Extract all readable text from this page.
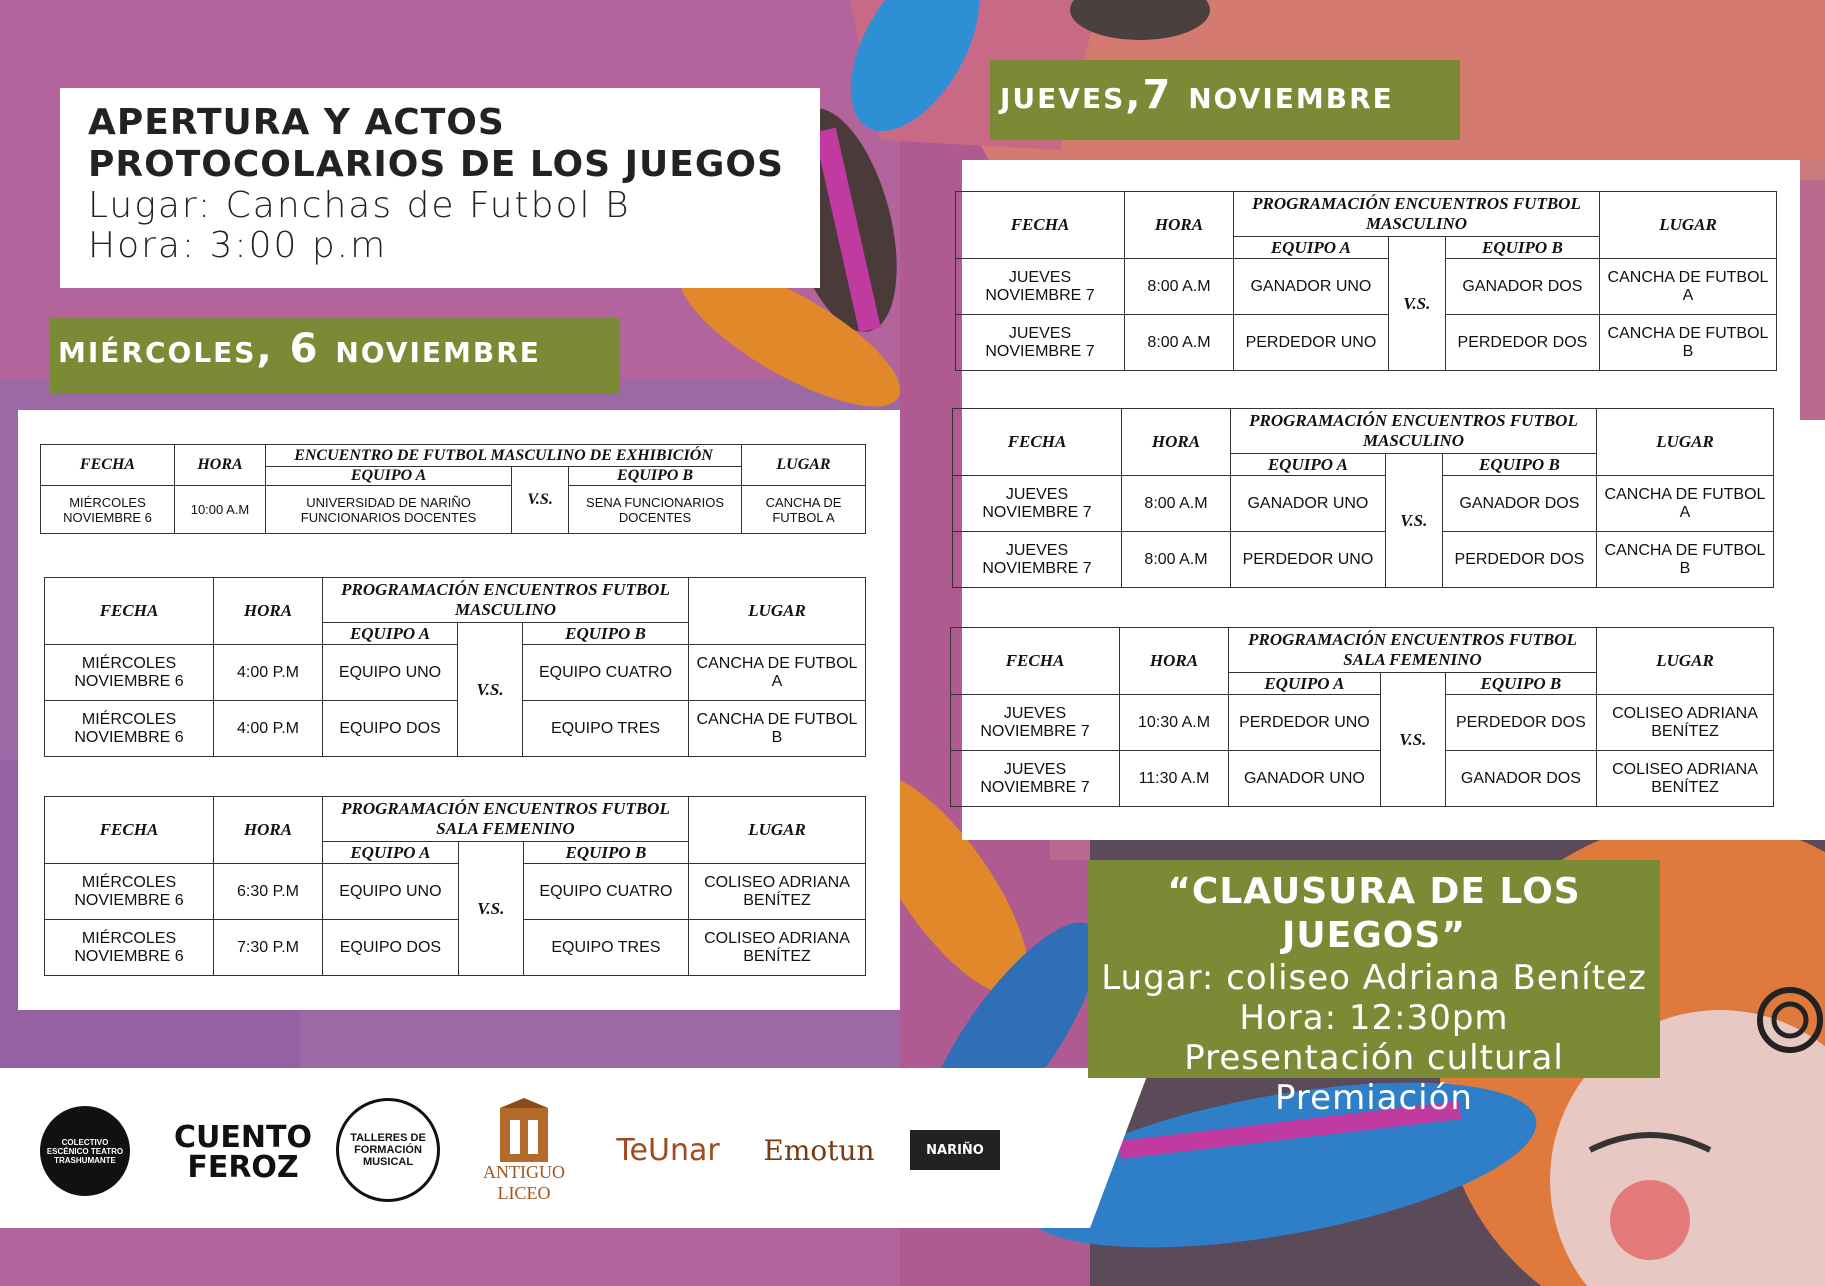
APERTURA Y ACTOS PROTOCOLARIOS DE LOS JUEGOS
Lugar: Canchas de Futbol B
Hora: 3:00 p.m
miércoles, 6 noviembre
jueves,7 noviembre
FECHA	HORA	ENCUENTRO DE FUTBOL MASCULINO DE EXHIBICIÓN			LUGAR
		EQUIPO A	V.S.	EQUIPO B	
MIÉRCOLES NOVIEMBRE 6	10:00 A.M	UNIVERSIDAD DE NARIÑO FUNCIONARIOS DOCENTES		SENA FUNCIONARIOS DOCENTES	CANCHA DE FUTBOL A
FECHA	HORA	PROGRAMACIÓN ENCUENTROS FUTBOL MASCULINO			LUGAR
		EQUIPO A	V.S.	EQUIPO B	
MIÉRCOLES NOVIEMBRE 6	4:00 P.M	EQUIPO UNO		EQUIPO CUATRO	CANCHA DE FUTBOL A
MIÉRCOLES NOVIEMBRE 6	4:00 P.M	EQUIPO DOS		EQUIPO TRES	CANCHA DE FUTBOL B
FECHA	HORA	PROGRAMACIÓN ENCUENTROS FUTBOL SALA FEMENINO			LUGAR
		EQUIPO A	V.S.	EQUIPO B	
MIÉRCOLES NOVIEMBRE 6	6:30 P.M	EQUIPO UNO		EQUIPO CUATRO	COLISEO ADRIANA BENÍTEZ
MIÉRCOLES NOVIEMBRE 6	7:30 P.M	EQUIPO DOS		EQUIPO TRES	COLISEO ADRIANA BENÍTEZ
FECHA	HORA	PROGRAMACIÓN ENCUENTROS FUTBOL MASCULINO			LUGAR
		EQUIPO A	V.S.	EQUIPO B	
JUEVES NOVIEMBRE 7	8:00 A.M	GANADOR UNO		GANADOR DOS	CANCHA DE FUTBOL A
JUEVES NOVIEMBRE 7	8:00 A.M	PERDEDOR UNO		PERDEDOR DOS	CANCHA DE FUTBOL B
FECHA	HORA	PROGRAMACIÓN ENCUENTROS FUTBOL MASCULINO			LUGAR
		EQUIPO A	V.S.	EQUIPO B	
JUEVES NOVIEMBRE 7	8:00 A.M	GANADOR UNO		GANADOR DOS	CANCHA DE FUTBOL A
JUEVES NOVIEMBRE 7	8:00 A.M	PERDEDOR UNO		PERDEDOR DOS	CANCHA DE FUTBOL B
FECHA	HORA	PROGRAMACIÓN ENCUENTROS FUTBOL SALA FEMENINO			LUGAR
		EQUIPO A	V.S.	EQUIPO B	
JUEVES NOVIEMBRE 7	10:30 A.M	PERDEDOR UNO		PERDEDOR DOS	COLISEO ADRIANA BENÍTEZ
JUEVES NOVIEMBRE 7	11:30 A.M	GANADOR UNO		GANADOR DOS	COLISEO ADRIANA BENÍTEZ
“CLAUSURA DE LOS JUEGOS”
Lugar: coliseo Adriana Benítez
Hora: 12:30pm
Presentación cultural
Premiación
COLECTIVO ESCÉNICO TEATRO TRASHUMANTE
CUENTO FEROZ
TALLERES DE FORMACIÓN MUSICAL	ANTIGUO LICEO
TeUnar Emotun	NARIÑO
